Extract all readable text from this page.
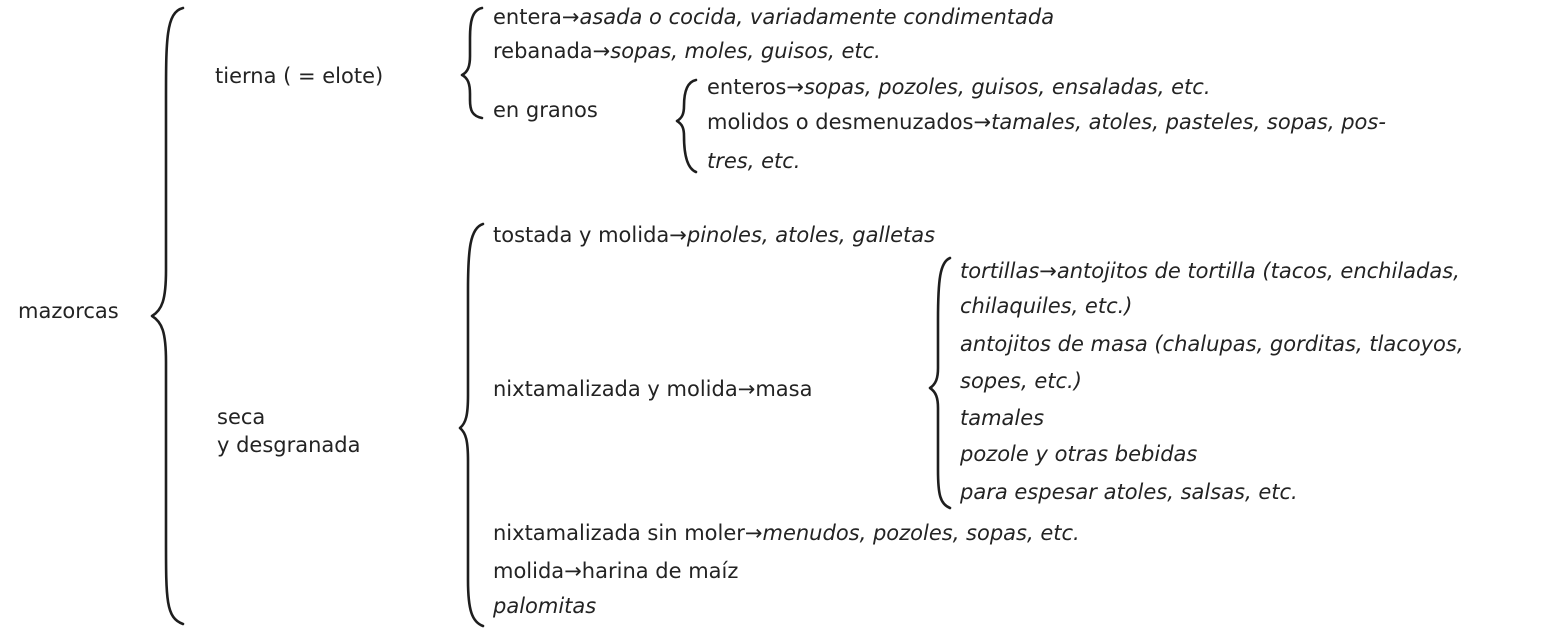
mazorcas
tierna ( = elote)
entera→asada o cocida, variadamente condimentada
rebanada→sopas, moles, guisos, etc.
en granos
enteros→sopas, pozoles, guisos, ensaladas, etc.
molidos o desmenuzados→tamales, atoles, pasteles, sopas, pos-
tres, etc.
seca
y desgranada
tostada y molida→pinoles, atoles, galletas
nixtamalizada y molida→masa
tortillas→antojitos de tortilla (tacos, enchiladas,
chilaquiles, etc.)
antojitos de masa (chalupas, gorditas, tlacoyos,
sopes, etc.)
tamales
pozole y otras bebidas
para espesar atoles, salsas, etc.
nixtamalizada sin moler→menudos, pozoles, sopas, etc.
molida→harina de maíz
palomitas
